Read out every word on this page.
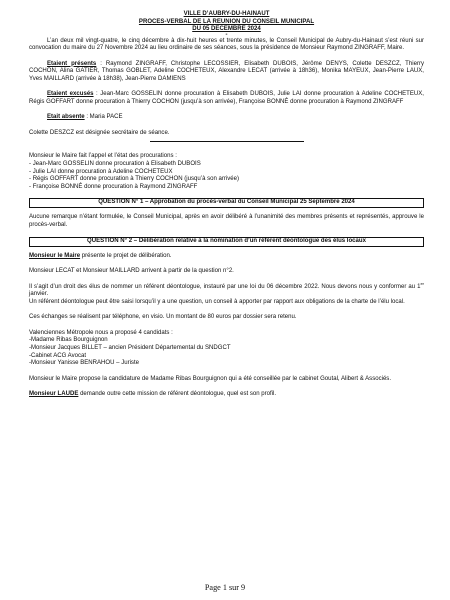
VILLE D’AUBRY-DU-HAINAUT
PROCES-VERBAL DE LA REUNION DU CONSEIL MUNICIPAL
DU 05 DECEMBRE 2024
-

L’an deux mil vingt-quatre, le cinq décembre à dix-huit heures et trente minutes, le Conseil Municipal de Aubry-du-Hainaut s’est réuni sur convocation du maire du 27 Novembre 2024 au lieu ordinaire de ses séances, sous la présidence de Monsieur Raymond ZINGRAFF, Maire.

Etaient présents : Raymond ZINGRAFF, Christophe LECOSSIER, Elisabeth DUBOIS, Jérôme DENYS, Colette DESZCZ, Thierry COCHON, Alina GATIER, Thomas GOBLET, Adeline COCHETEUX, Alexandre LECAT (arrivée à 18h36), Monika MAYEUX, Jean-Pierre LAUX, Yves MAILLARD (arrivée à 18h38), Jean-Pierre DAMIENS

Etaient excusés : Jean-Marc GOSSELIN donne procuration à Elisabeth DUBOIS, Julie LAI donne procuration à Adeline COCHETEUX, Régis GOFFART donne procuration à Thierry COCHON (jusqu’à son arrivée), Françoise BONNÉ donne procuration à Raymond ZINGRAFF

Etait absente : Maria PACE

Colette DESZCZ est désignée secrétaire de séance.

Monsieur le Maire fait l’appel et l’état des procurations :

- Jean-Marc GOSSELIN donne procuration à Elisabeth DUBOIS

- Julie LAI donne procuration à Adeline COCHETEUX

- Régis GOFFART donne procuration à Thierry COCHON (jusqu’à son arrivée)

- Françoise BONNÉ donne procuration à Raymond ZINGRAFF

QUESTION N° 1 – Approbation du procès-verbal du Conseil Municipal 25 Septembre 2024

Aucune remarque n’étant formulée, le Conseil Municipal, après en avoir délibéré à l’unanimité des membres présents et représentés, approuve le procès-verbal.

QUESTION N° 2 – Délibération relative à la nomination d’un référent déontologue des élus locaux

Monsieur le Maire présente le projet de délibération.

Monsieur LECAT et Monsieur MAILLARD arrivent à partir de la question n°2.

Il s’agit d’un droit des élus de nommer un référent déontologue, instauré par une loi du 06 décembre 2022. Nous devons nous y conformer au 1er janvier.

Un référent déontologue peut être saisi lorsqu’il y a une question, un conseil à apporter par rapport aux obligations de la charte de l’élu local.

Ces échanges se réalisent par téléphone, en visio. Un montant de 80 euros par dossier sera retenu.

Valenciennes Métropole nous a proposé 4 candidats :

-Madame Ribas Bourguignon

-Monsieur Jacques BILLET – ancien Président Départemental du SNDGCT

-Cabinet ACG Avocat

-Monsieur Yanisse BENRAHOU – Juriste

Monsieur le Maire propose la candidature de Madame Ribas Bourguignon qui a été conseillée par le cabinet Goutal, Alibert & Associés.

Monsieur LAUDE demande outre cette mission de référent déontologue, quel est son profil.

Page 1 sur 9
